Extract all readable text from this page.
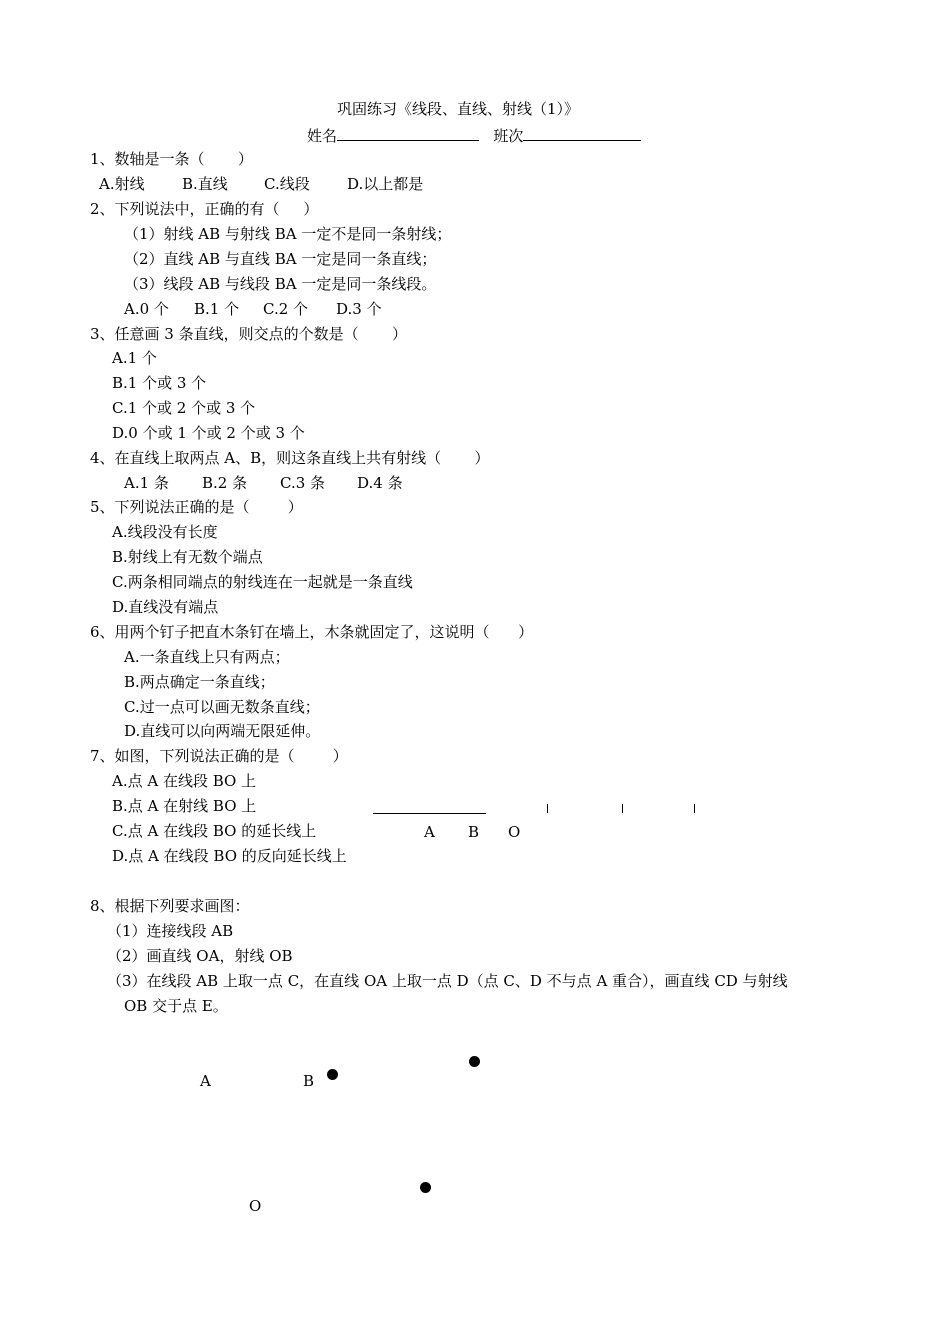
巩固练习《线段、直线、射线（1）》
姓名	班次
1、数轴是一条（       ）
A.射线 B.直线 C.线段 D.以上都是
2、下列说法中，正确的有（     ）
（1）射线 AB 与射线 BA 一定不是同一条射线；
（2）直线 AB 与直线 BA 一定是同一条直线；
（3）线段 AB 与线段 BA 一定是同一条线段。
A.0 个 B.1 个 C.2 个 D.3 个
3、任意画 3 条直线，则交点的个数是（       ）
A.1 个
B.1 个或 3 个
C.1 个或 2 个或 3 个
D.0 个或 1 个或 2 个或 3 个
4、在直线上取两点 A、B，则这条直线上共有射线（       ）
A.1 条 B.2 条 C.3 条 D.4 条
5、下列说法正确的是（        ）
A.线段没有长度
B.射线上有无数个端点
C.两条相同端点的射线连在一起就是一条直线
D.直线没有端点
6、用两个钉子把直木条钉在墙上，木条就固定了，这说明（      ）
A.一条直线上只有两点；
B.两点确定一条直线；
C.过一点可以画无数条直线；
D.直线可以向两端无限延伸。
7、如图，下列说法正确的是（        ）
A.点 A 在线段 BO 上
B.点 A 在射线 BO 上
C.点 A 在线段 BO 的延长线上
D.点 A 在线段 BO 的反向延长线上
A B O
8、根据下列要求画图：
（1）连接线段 AB
（2）画直线 OA，射线 OB
（3）在线段 AB 上取一点 C，在直线 OA 上取一点 D（点 C、D 不与点 A 重合），画直线 CD 与射线
OB 交于点 E。
A	B
O
